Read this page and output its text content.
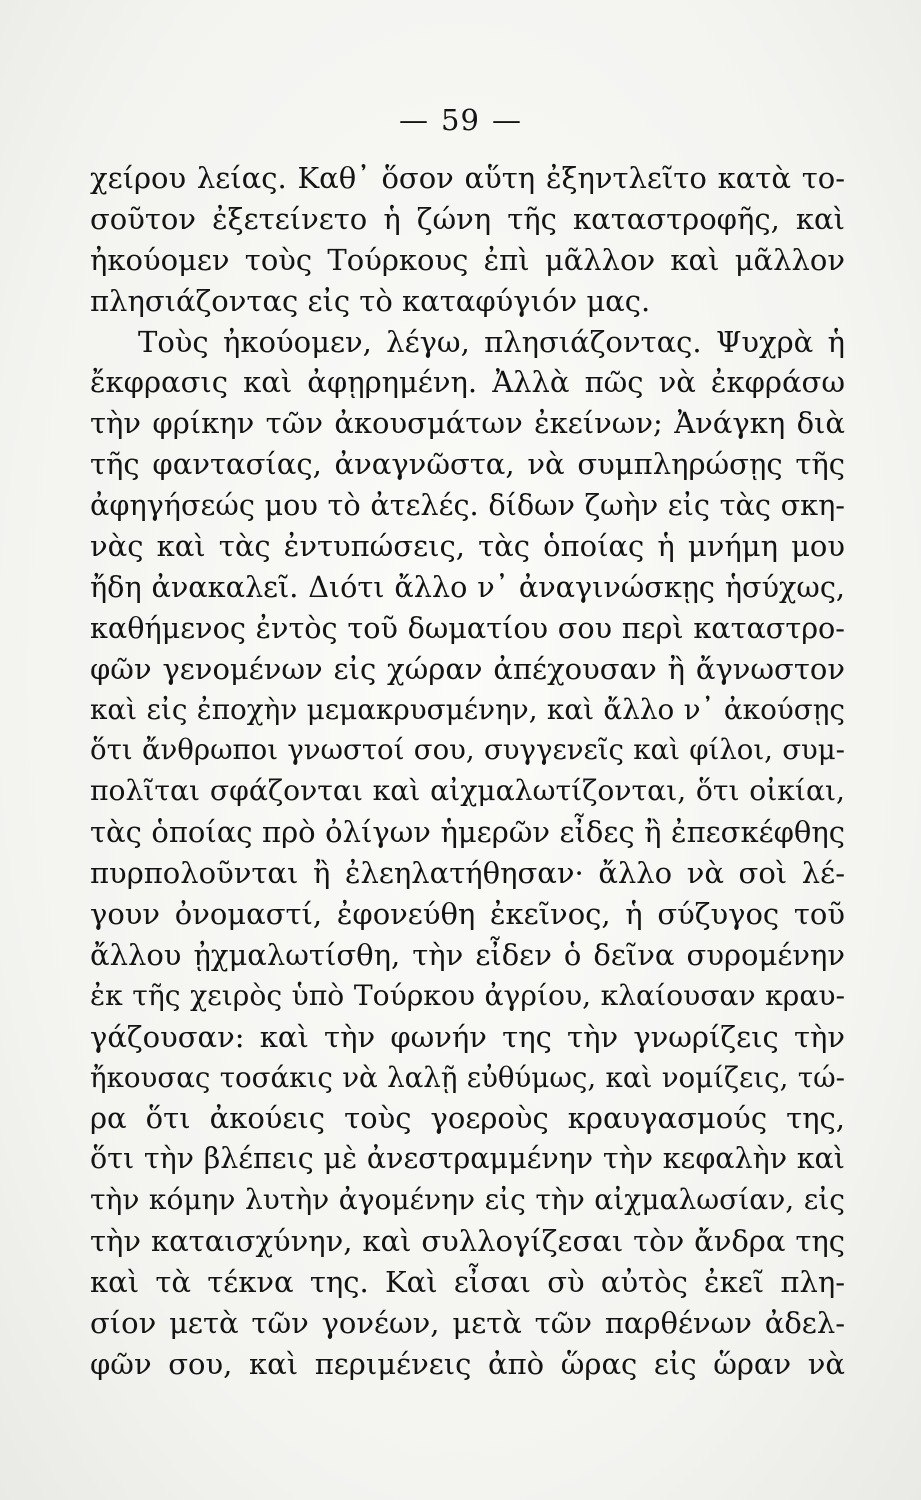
— 59 —
χείρου λείας. Καθ᾿ ὅσον αὕτη ἐξηντλεῖτο κατὰ το-
σοῦτον ἐξετείνετο ἡ ζώνη τῆς καταστροφῆς, καὶ
ἠκούομεν τοὺς Τούρκους ἐπὶ μᾶλλον καὶ μᾶλλον
πλησιάζοντας εἰς τὸ καταφύγιόν μας.
Τοὺς ἠκούομεν, λέγω, πλησιάζοντας. Ψυχρὰ ἡ
ἔκφρασις καὶ ἀφῃρημένη. Ἀλλὰ πῶς νὰ ἐκφράσω
τὴν φρίκην τῶν ἀκουσμάτων ἐκείνων; Ἀνάγκη διὰ
τῆς φαντασίας, ἀναγνῶστα, νὰ συμπληρώσῃς τῆς
ἀφηγήσεώς μου τὸ ἀτελές. δίδων ζωὴν εἰς τὰς σκη-
νὰς καὶ τὰς ἐντυπώσεις, τὰς ὁποίας ἡ μνήμη μου
ἤδη ἀνακαλεῖ. Διότι ἄλλο ν᾿ ἀναγινώσκῃς ἡσύχως,
καθήμενος ἐντὸς τοῦ δωματίου σου περὶ καταστρο-
φῶν γενομένων εἰς χώραν ἀπέχουσαν ἢ ἄγνωστον
καὶ εἰς ἐποχὴν μεμακρυσμένην, καὶ ἄλλο ν᾿ ἀκούσῃς
ὅτι ἄνθρωποι γνωστοί σου, συγγενεῖς καὶ φίλοι, συμ-
πολῖται σφάζονται καὶ αἰχμαλωτίζονται, ὅτι οἰκίαι,
τὰς ὁποίας πρὸ ὀλίγων ἡμερῶν εἶδες ἢ ἐπεσκέφθης
πυρπολοῦνται ἢ ἐλεηλατήθησαν· ἄλλο νὰ σοὶ λέ-
γουν ὀνομαστί, ἐφονεύθη ἐκεῖνος, ἡ σύζυγος τοῦ
ἄλλου ᾐχμαλωτίσθη, τὴν εἶδεν ὁ δεῖνα συρομένην
ἐκ τῆς χειρὸς ὑπὸ Τούρκου ἀγρίου, κλαίουσαν κραυ-
γάζουσαν: καὶ τὴν φωνήν της τὴν γνωρίζεις τὴν
ἤκουσας τοσάκις νὰ λαλῇ εὐθύμως, καὶ νομίζεις, τώ-
ρα ὅτι ἀκούεις τοὺς γοεροὺς κραυγασμούς της,
ὅτι τὴν βλέπεις μὲ ἀνεστραμμένην τὴν κεφαλὴν καὶ
τὴν κόμην λυτὴν ἀγομένην εἰς τὴν αἰχμαλωσίαν, εἰς
τὴν καταισχύνην, καὶ συλλογίζεσαι τὸν ἄνδρα της
καὶ τὰ τέκνα της. Καὶ εἶσαι σὺ αὐτὸς ἐκεῖ πλη-
σίον μετὰ τῶν γονέων, μετὰ τῶν παρθένων ἀδελ-
φῶν σου, καὶ περιμένεις ἀπὸ ὥρας εἰς ὥραν νὰ
